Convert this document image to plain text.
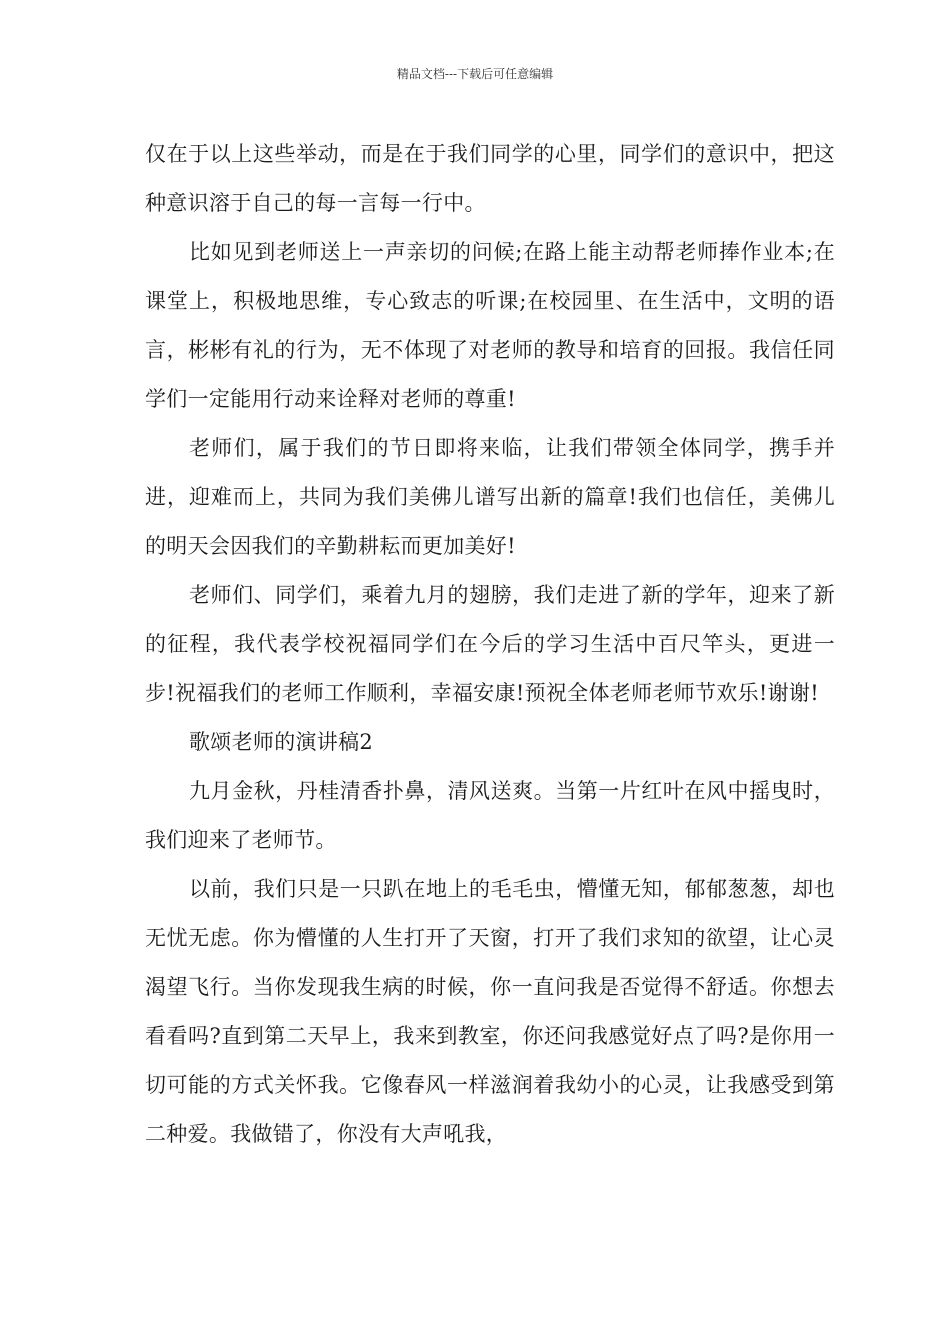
精品文档---下载后可任意编辑

仅在于以上这些举动，而是在于我们同学的心里，同学们的意识中，把这种意识溶于自己的每一言每一行中。

比如见到老师送上一声亲切的问候;在路上能主动帮老师捧作业本;在课堂上，积极地思维，专心致志的听课;在校园里、在生活中，文明的语言，彬彬有礼的行为，无不体现了对老师的教导和培育的回报。我信任同学们一定能用行动来诠释对老师的尊重!

老师们，属于我们的节日即将来临，让我们带领全体同学，携手并进，迎难而上，共同为我们美佛儿谱写出新的篇章!我们也信任，美佛儿的明天会因我们的辛勤耕耘而更加美好!

老师们、同学们，乘着九月的翅膀，我们走进了新的学年，迎来了新的征程，我代表学校祝福同学们在今后的学习生活中百尺竿头，更进一步!祝福我们的老师工作顺利，幸福安康!预祝全体老师老师节欢乐!谢谢!

歌颂老师的演讲稿2

九月金秋，丹桂清香扑鼻，清风送爽。当第一片红叶在风中摇曳时，我们迎来了老师节。

以前，我们只是一只趴在地上的毛毛虫，懵懂无知，郁郁葱葱，却也无忧无虑。你为懵懂的人生打开了天窗，打开了我们求知的欲望，让心灵渴望飞行。当你发现我生病的时候，你一直问我是否觉得不舒适。你想去看看吗?直到第二天早上，我来到教室，你还问我感觉好点了吗?是你用一切可能的方式关怀我。它像春风一样滋润着我幼小的心灵，让我感受到第二种爱。我做错了，你没有大声吼我，
